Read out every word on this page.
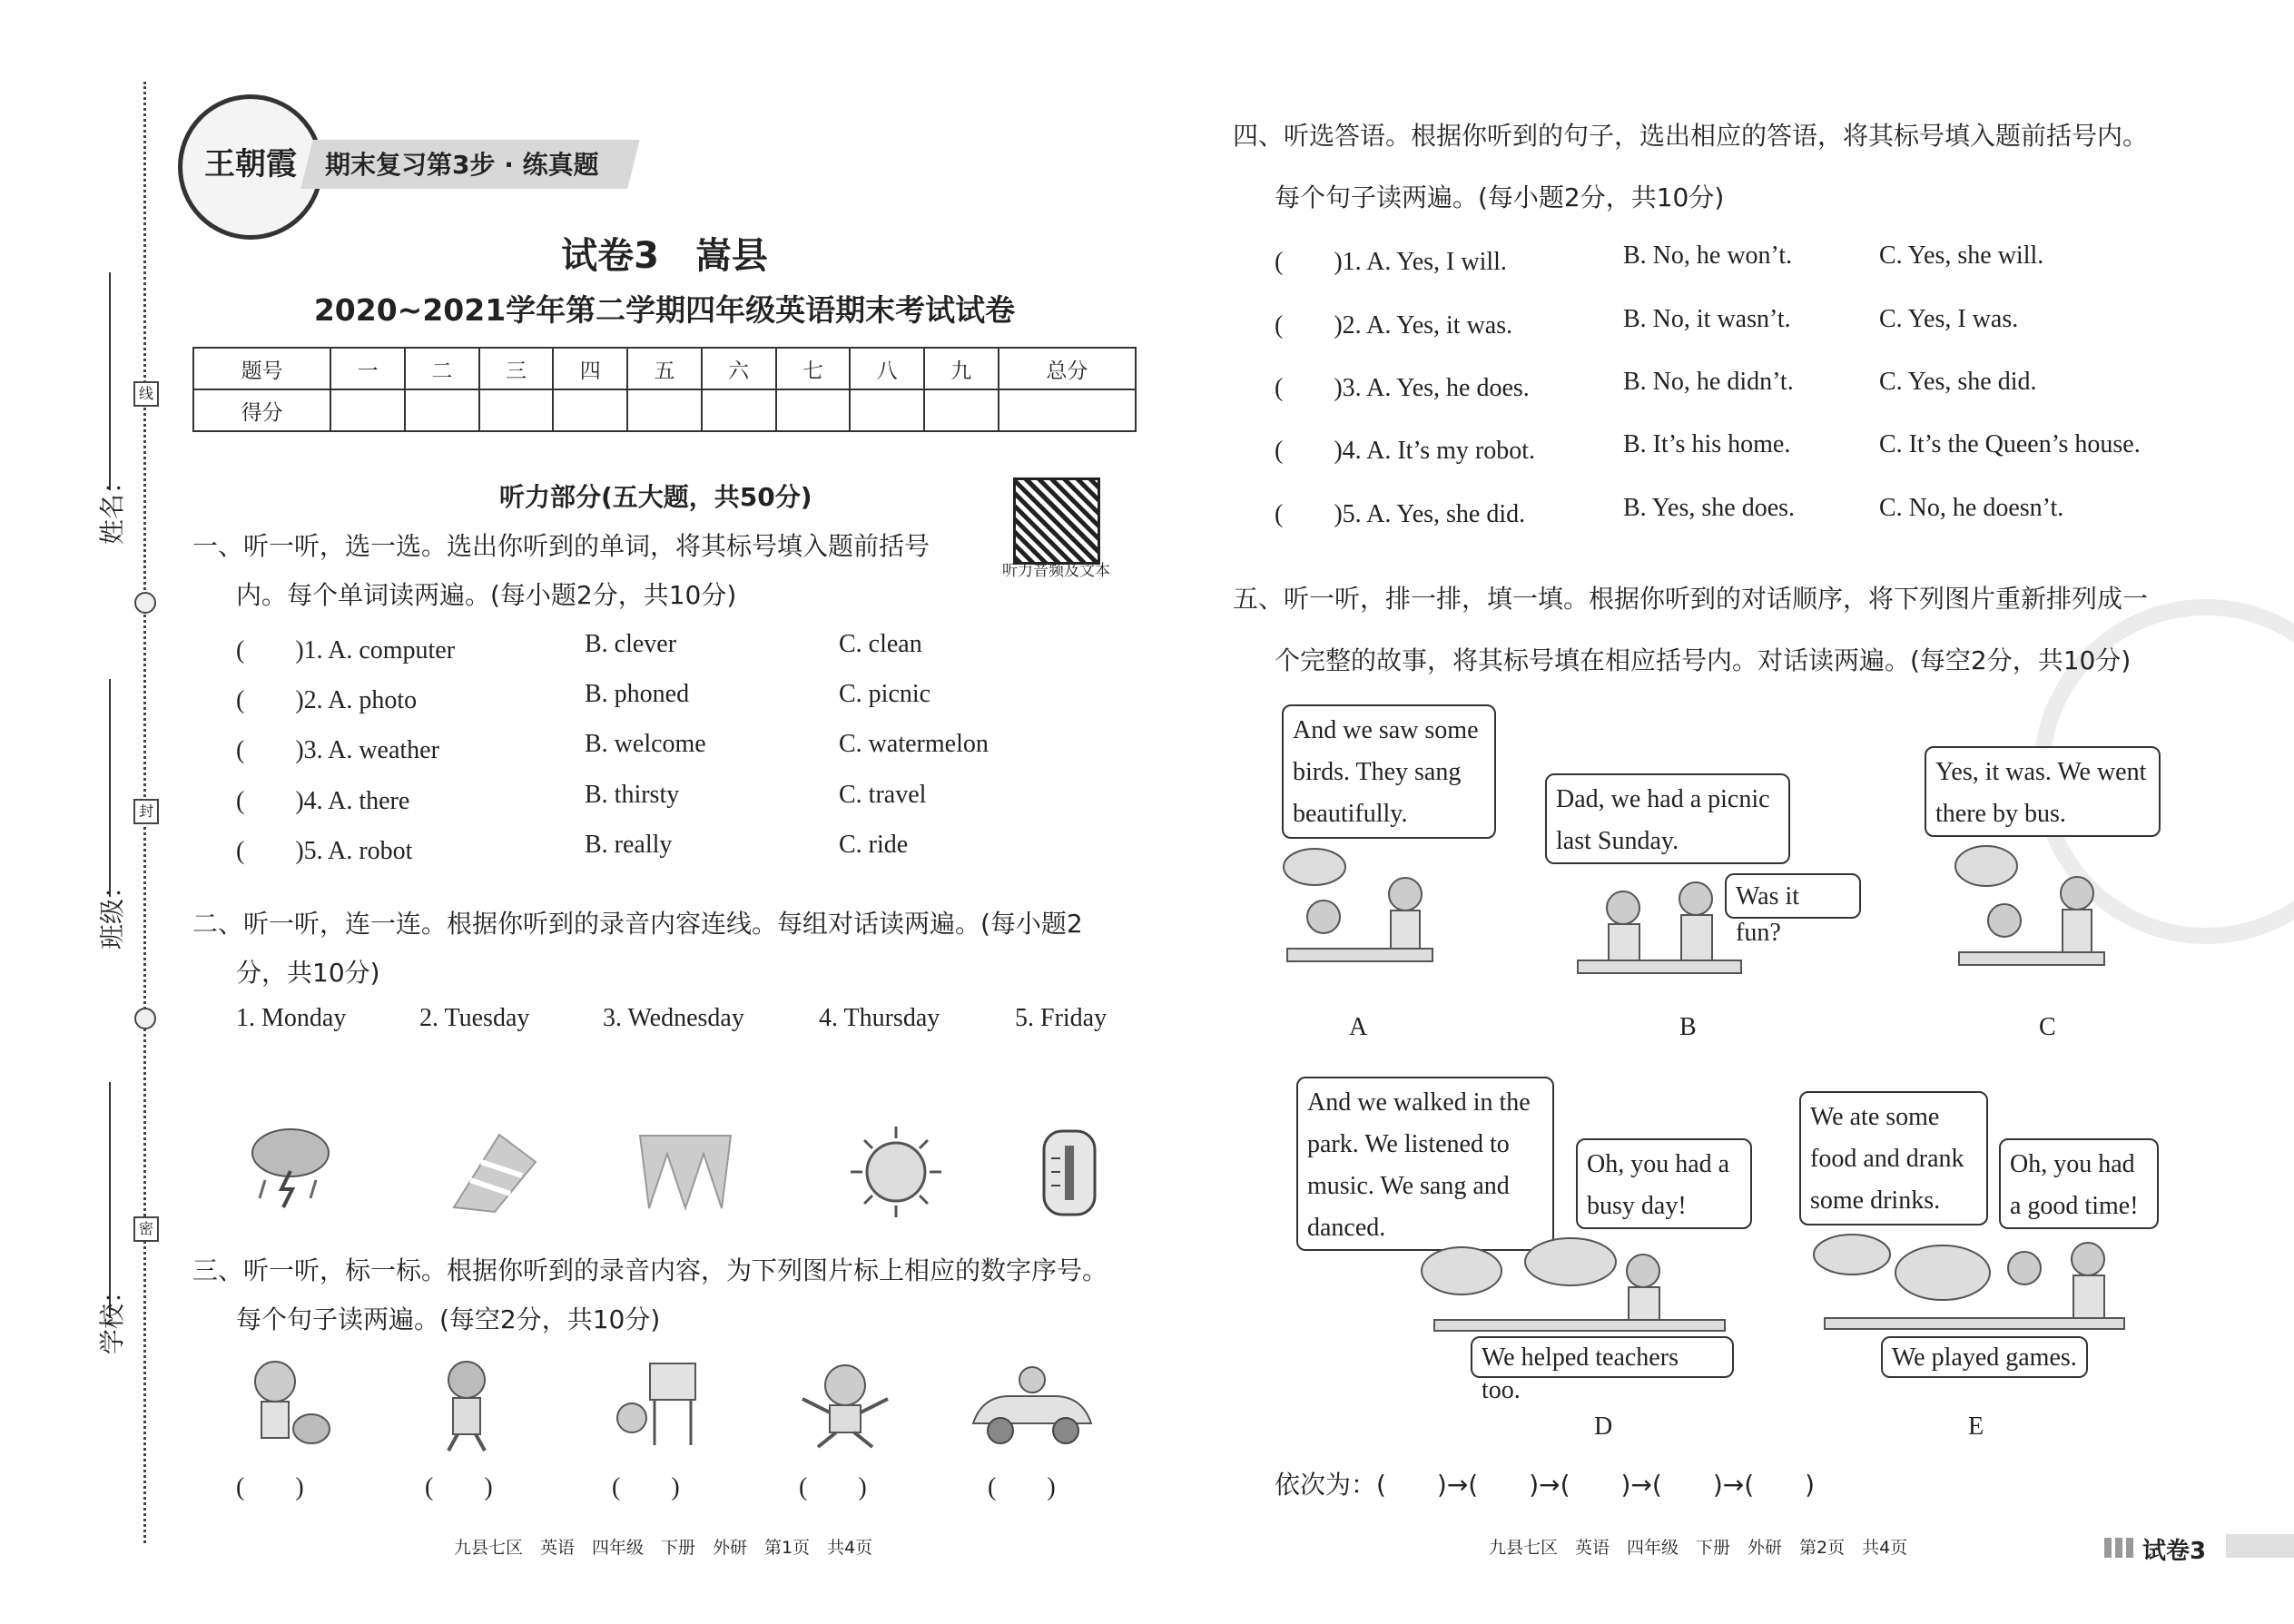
姓名：
班级：
学校：
线
封
密
王朝霞	期末复习第3步 · 练真题
试卷3　嵩县
2020~2021学年第二学期四年级英语期末考试试卷
题号	一	二	三	四	五	六	七	八	九	总分
得分										
听力部分(五大题，共50分)
听力音频及文本
一、听一听，选一选。选出你听到的单词，将其标号填入题前括号
内。每个单词读两遍。(每小题2分，共10分)
(　　)1. A. computer	B. clever	C. clean
(　　)2. A. photo	B. phoned	C. picnic
(　　)3. A. weather	B. welcome	C. watermelon
(　　)4. A. there	B. thirsty	C. travel
(　　)5. A. robot	B. really	C. ride
二、听一听，连一连。根据你听到的录音内容连线。每组对话读两遍。(每小题2
分，共10分)
1. Monday	2. Tuesday	3. Wednesday	4. Thursday	5. Friday
三、听一听，标一标。根据你听到的录音内容，为下列图片标上相应的数字序号。
每个句子读两遍。(每空2分，共10分)
(　　)	(　　)	(　　)	(　　)	(　　)
九县七区　英语　四年级　下册　外研　第1页　共4页
四、听选答语。根据你听到的句子，选出相应的答语，将其标号填入题前括号内。
每个句子读两遍。(每小题2分，共10分)
(　　)1. A. Yes, I will.	B. No, he won’t.	C. Yes, she will.
(　　)2. A. Yes, it was.	B. No, it wasn’t.	C. Yes, I was.
(　　)3. A. Yes, he does.	B. No, he didn’t.	C. Yes, she did.
(　　)4. A. It’s my robot.	B. It’s his home.	C. It’s the Queen’s house.
(　　)5. A. Yes, she did.	B. Yes, she does.	C. No, he doesn’t.
五、听一听，排一排，填一填。根据你听到的对话顺序，将下列图片重新排列成一
个完整的故事，将其标号填在相应括号内。对话读两遍。(每空2分，共10分)
And we saw some birds. They sang beautifully.
A
Dad, we had a picnic last Sunday.
Was it fun?
B
Yes, it was. We went there by bus.
C
And we walked in the park. We listened to music. We sang and danced.
Oh, you had a busy day!
We helped teachers too.
D
We ate some food and drank some drinks.
Oh, you had a good time!
We played games.
E
依次为：(　　)→(　　)→(　　)→(　　)→(　　)
九县七区　英语　四年级　下册　外研　第2页　共4页	试卷3
